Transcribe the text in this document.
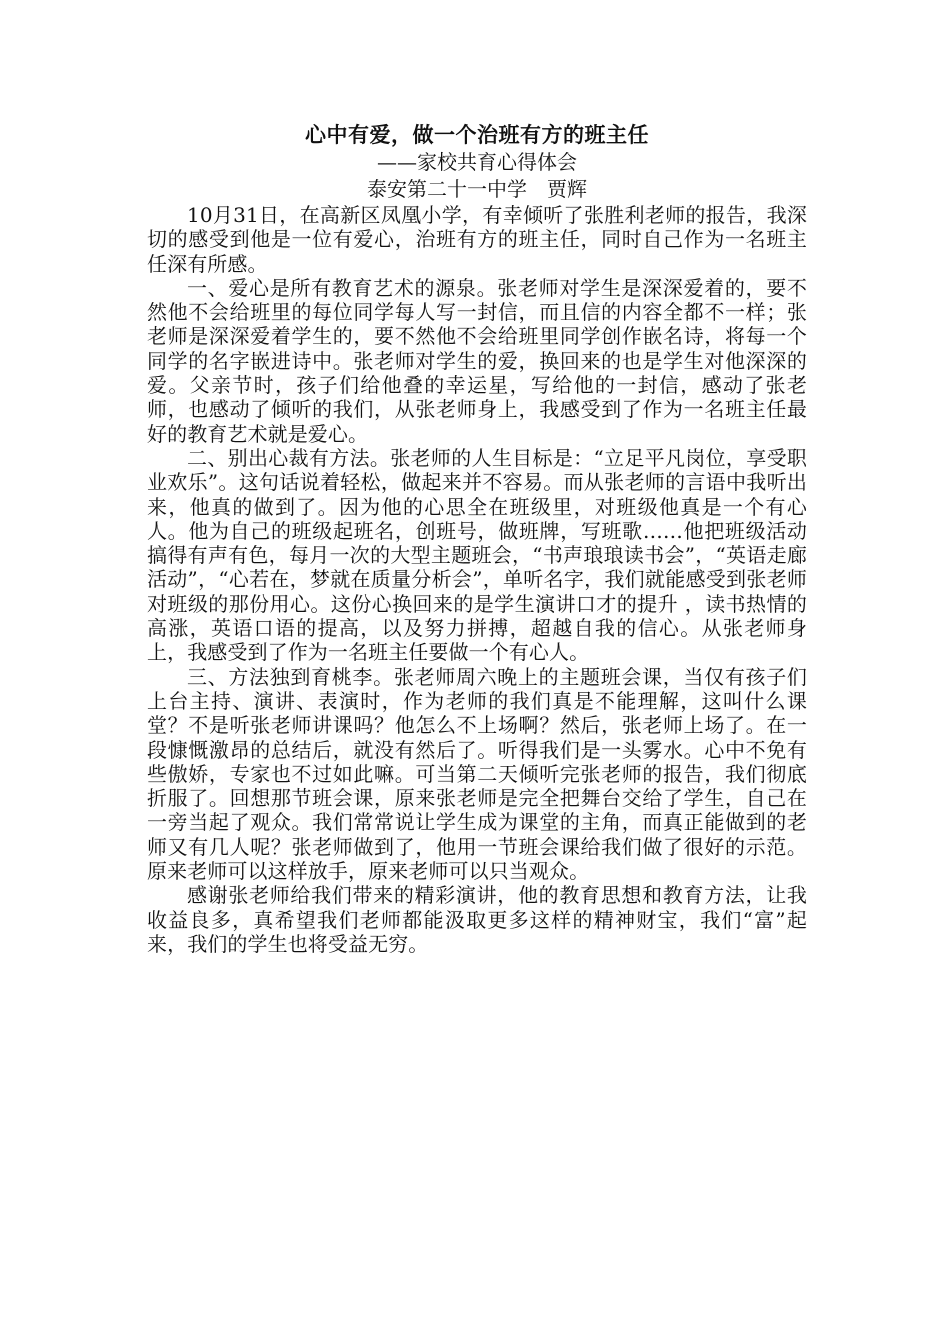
心中有爱，做一个治班有方的班主任

——家校共育心得体会

泰安第二十一中学　贾辉

10月31日，在高新区凤凰小学，有幸倾听了张胜利老师的报告，我深切的感受到他是一位有爱心，治班有方的班主任，同时自己作为一名班主任深有所感。

一、爱心是所有教育艺术的源泉。张老师对学生是深深爱着的，要不然他不会给班里的每位同学每人写一封信，而且信的内容全都不一样；张老师是深深爱着学生的，要不然他不会给班里同学创作嵌名诗，将每一个同学的名字嵌进诗中。张老师对学生的爱，换回来的也是学生对他深深的爱。父亲节时，孩子们给他叠的幸运星，写给他的一封信，感动了张老师，也感动了倾听的我们，从张老师身上，我感受到了作为一名班主任最好的教育艺术就是爱心。

二、别出心裁有方法。张老师的人生目标是：“立足平凡岗位，享受职业欢乐”。这句话说着轻松，做起来并不容易。而从张老师的言语中我听出来，他真的做到了。因为他的心思全在班级里，对班级他真是一个有心人。他为自己的班级起班名，创班号，做班牌，写班歌……他把班级活动搞得有声有色，每月一次的大型主题班会，“书声琅琅读书会”，“英语走廊活动”，“心若在，梦就在质量分析会”，单听名字，我们就能感受到张老师对班级的那份用心。这份心换回来的是学生演讲口才的提升 ，读书热情的高涨，英语口语的提高，以及努力拼搏，超越自我的信心。从张老师身上，我感受到了作为一名班主任要做一个有心人。

三、方法独到育桃李。张老师周六晚上的主题班会课，当仅有孩子们上台主持、演讲、表演时，作为老师的我们真是不能理解，这叫什么课堂？不是听张老师讲课吗？他怎么不上场啊？然后，张老师上场了。在一段慷慨激昂的总结后，就没有然后了。听得我们是一头雾水。心中不免有些傲娇，专家也不过如此嘛。可当第二天倾听完张老师的报告，我们彻底折服了。回想那节班会课，原来张老师是完全把舞台交给了学生，自己在一旁当起了观众。我们常常说让学生成为课堂的主角，而真正能做到的老师又有几人呢？张老师做到了，他用一节班会课给我们做了很好的示范。原来老师可以这样放手，原来老师可以只当观众。

感谢张老师给我们带来的精彩演讲，他的教育思想和教育方法，让我收益良多，真希望我们老师都能汲取更多这样的精神财宝，我们“富”起来，我们的学生也将受益无穷。
